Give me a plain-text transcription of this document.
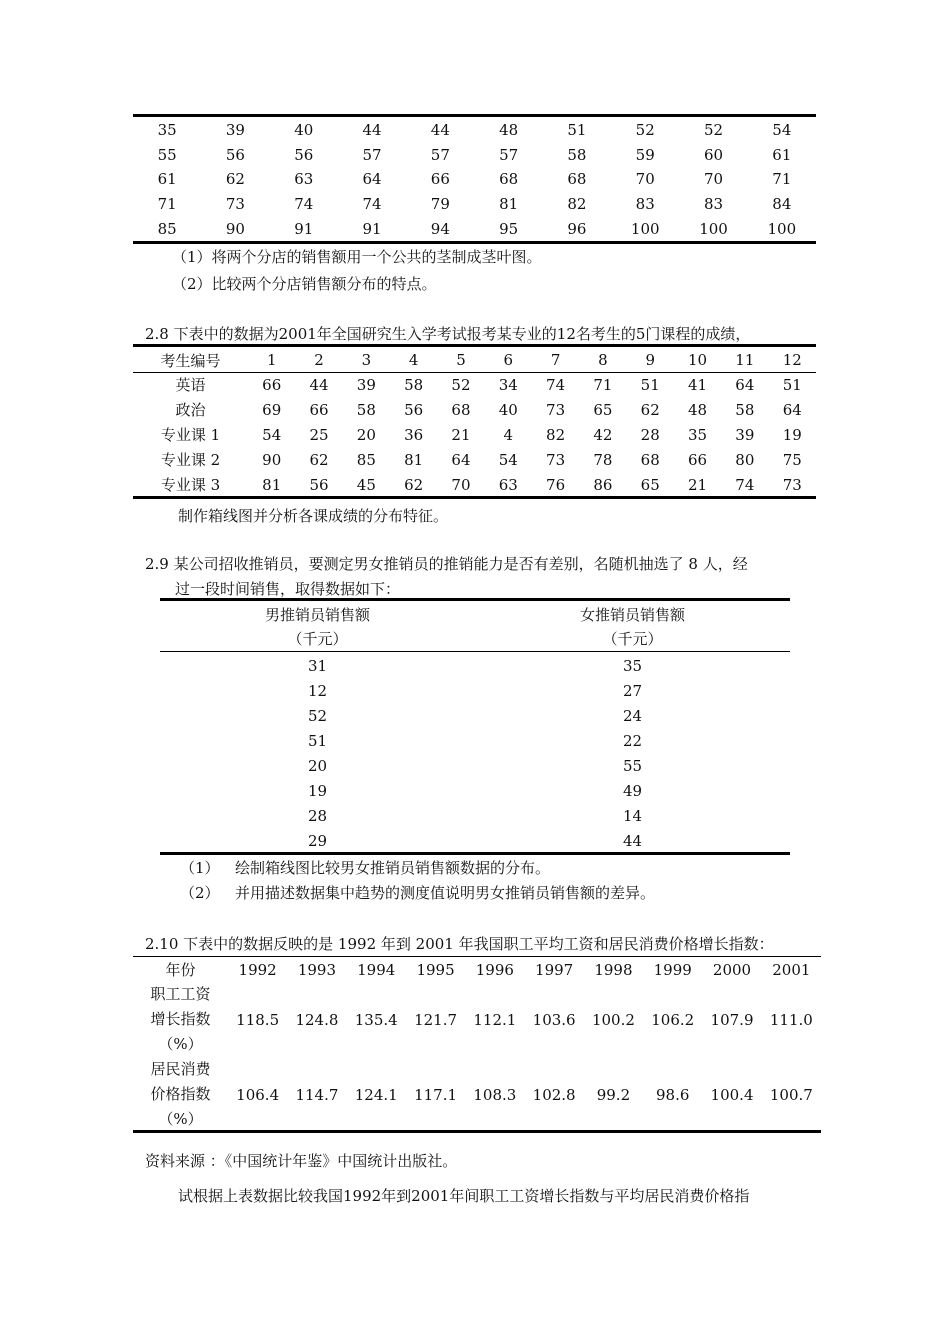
35	39	40	44	44	48	51	52	52	54
55	56	56	57	57	57	58	59	60	61
61	62	63	64	66	68	68	70	70	71
71	73	74	74	79	81	82	83	83	84
85	90	91	91	94	95	96	100	100	100
（1）将两个分店的销售额用一个公共的茎制成茎叶图。
（2）比较两个分店销售额分布的特点。
2.8 下表中的数据为2001年全国研究生入学考试报考某专业的12名考生的5门课程的成绩，
考生编号	1	2	3	4	5	6	7	8	9	10	11	12
英语	66	44	39	58	52	34	74	71	51	41	64	51
政治	69	66	58	56	68	40	73	65	62	48	58	64
专业课 1	54	25	20	36	21	4	82	42	28	35	39	19
专业课 2	90	62	85	81	64	54	73	78	68	66	80	75
专业课 3	81	56	45	62	70	63	76	86	65	21	74	73
制作箱线图并分析各课成绩的分布特征。
2.9 某公司招收推销员，要测定男女推销员的推销能力是否有差别，名随机抽选了 8 人，经
过一段时间销售，取得数据如下：
男推销员销售额	女推销员销售额
（千元）	（千元）
31	35
12	27
52	24
51	22
20	55
19	49
28	14
29	44
（1） 绘制箱线图比较男女推销员销售额数据的分布。
（2） 并用描述数据集中趋势的测度值说明男女推销员销售额的差异。
2.10 下表中的数据反映的是 1992 年到 2001 年我国职工平均工资和居民消费价格增长指数：
年份	1992	1993	1994	1995	1996	1997	1998	1999	2000	2001

职工工资
增长指数
（%）	118.5	124.8	135.4	121.7	112.1	103.6	100.2	106.2	107.9	111.0

居民消费
价格指数
（%）	106.4	114.7	124.1	117.1	108.3	102.8	99.2	98.6	100.4	100.7
资料来源 ：《中国统计年鉴》中国统计出版社。
试根据上表数据比较我国1992年到2001年间职工工资增长指数与平均居民消费价格指
